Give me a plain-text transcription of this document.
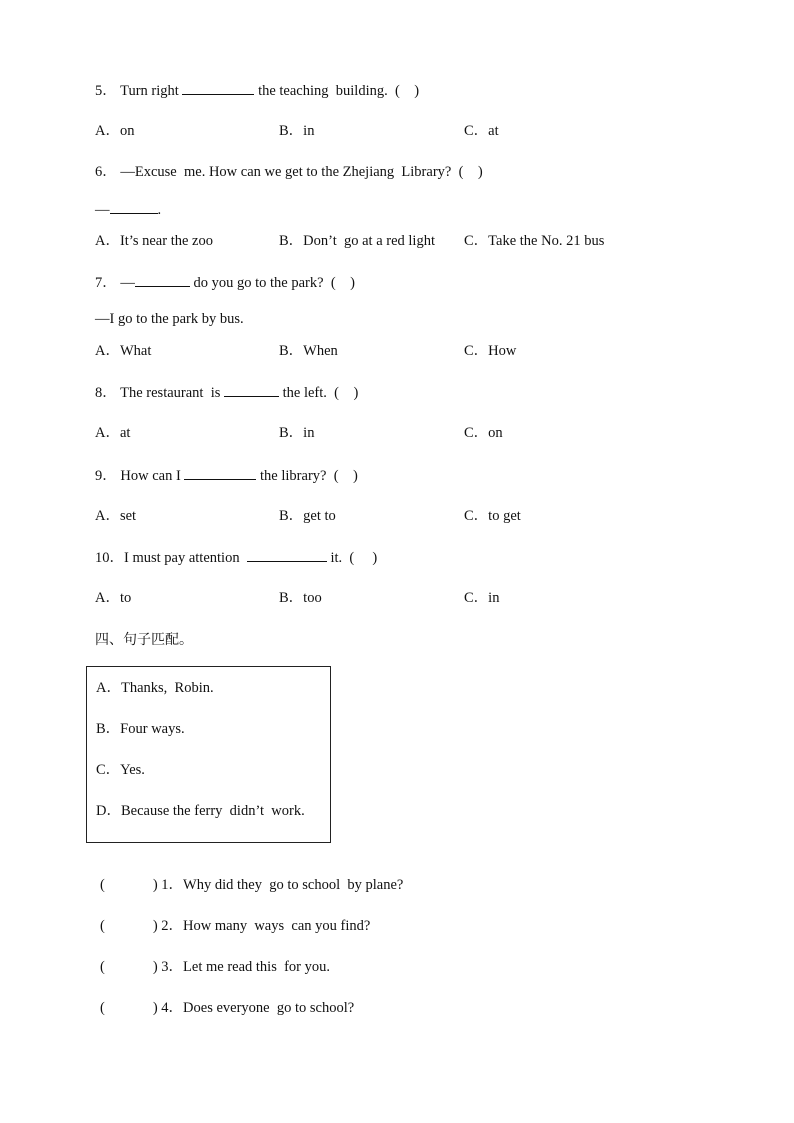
5． Turn right	the teaching  building.  (    )
A．on	B．in	C．at
6． —Excuse  me. How can we get to the Zhejiang  Library?  (    )
—	.
A．It’s near the zoo	B．Don’t  go at a red light C．Take the No. 21 bus
7． —	do you go to the park?  (    )
—I go to the park by bus.
A．What	B．When	C．How
8． The restaurant  is	the left.  (    )
A．at	B．in	C．on
9． How can I	the library?  (    )
A．set	B．get to	C．to get
10．I must pay attention	it.  (     )
A．to	B．too	C．in
四、句子匹配。
A．Thanks,  Robin.
B．Four ways.
C．Yes.
D．Because the ferry  didn’t  work.
(	) 1．Why did they  go to school  by plane?
(	) 2．How many  ways  can you find?
(	) 3．Let me read this  for you.
(	) 4．Does everyone  go to school?
